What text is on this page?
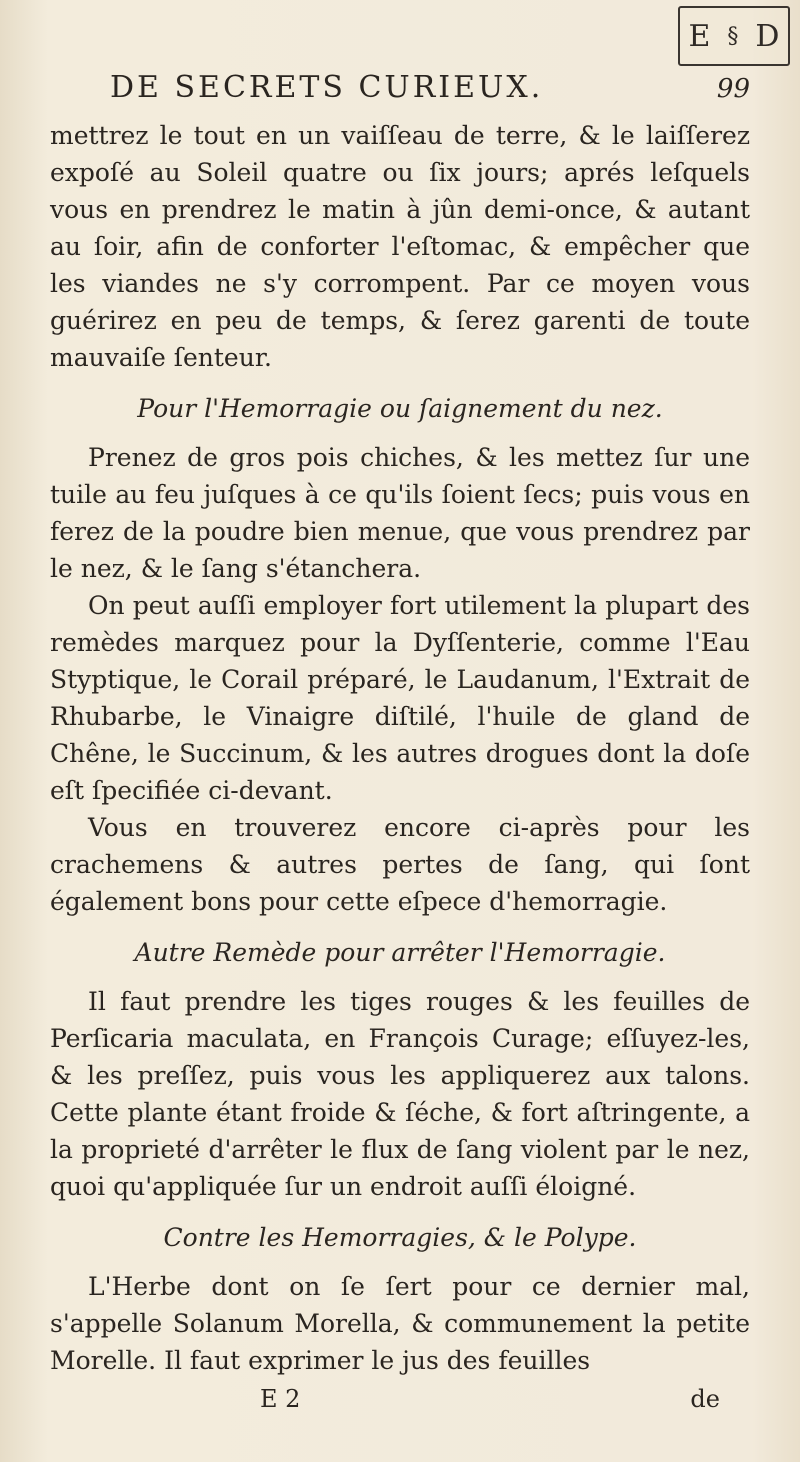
E § D
DE SECRETS CURIEUX.	99

mettrez le tout en un vaiſſeau de terre, & le laiſſerez expoſé au Soleil quatre ou ſix jours; aprés leſquels vous en prendrez le matin à jûn demi-once, & autant au ſoir, afin de conforter l'eſtomac, & empêcher que les viandes ne s'y corrompent. Par ce moyen vous guérirez en peu de temps, & ſerez garenti de toute mauvaiſe ſenteur.

Pour l'Hemorragie ou ſaignement du nez.

Prenez de gros pois chiches, & les mettez ſur une tuile au feu juſques à ce qu'ils ſoient ſecs; puis vous en ferez de la poudre bien menue, que vous prendrez par le nez, & le ſang s'étanchera.

On peut auſſi employer fort utilement la plupart des remèdes marquez pour la Dyſſenterie, comme l'Eau Styptique, le Corail préparé, le Laudanum, l'Extrait de Rhubarbe, le Vinaigre diſtilé, l'huile de gland de Chêne, le Succinum, & les autres drogues dont la doſe eſt ſpecifiée ci-devant.

Vous en trouverez encore ci-après pour les crachemens & autres pertes de ſang, qui ſont également bons pour cette eſpece d'hemorragie.

Autre Remède pour arrêter l'Hemorragie.

Il faut prendre les tiges rouges & les feuilles de Perſicaria maculata, en François Curage; eſſuyez-les, & les preſſez, puis vous les appliquerez aux talons. Cette plante étant froide & ſéche, & fort aſtringente, a la proprieté d'arrêter le flux de ſang violent par le nez, quoi qu'appliquée ſur un endroit auſſi éloigné.

Contre les Hemorragies, & le Polype.

L'Herbe dont on ſe ſert pour ce dernier mal, s'appelle Solanum Morella, & communement la petite Morelle. Il faut exprimer le jus des feuilles

E 2	de
